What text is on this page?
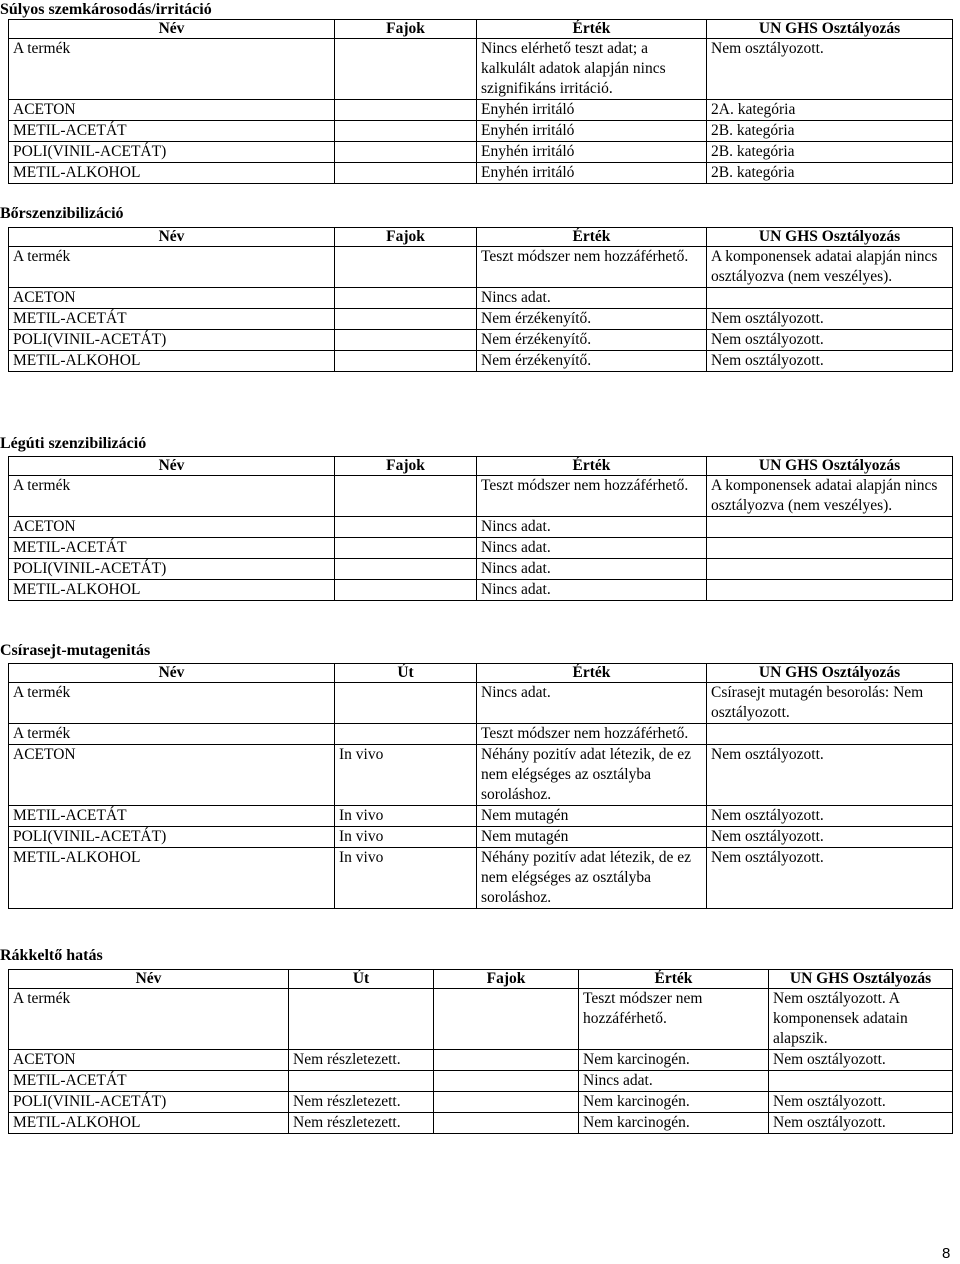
Súlyos szemkárosodás/irritáció
Név	Fajok	Érték	UN GHS Osztályozás
A termék		Nincs elérhető teszt adat; a kalkulált adatok alapján nincs szignifikáns irritáció.	Nem osztályozott.
ACETON		Enyhén irritáló	2A. kategória
METIL-ACETÁT		Enyhén irritáló	2B. kategória
POLI(VINIL-ACETÁT)		Enyhén irritáló	2B. kategória
METIL-ALKOHOL		Enyhén irritáló	2B. kategória
Bőrszenzibilizáció
Név	Fajok	Érték	UN GHS Osztályozás
A termék		Teszt módszer nem hozzáférhető.	A komponensek adatai alapján nincs osztályozva (nem veszélyes).
ACETON		Nincs adat.	
METIL-ACETÁT		Nem érzékenyítő.	Nem osztályozott.
POLI(VINIL-ACETÁT)		Nem érzékenyítő.	Nem osztályozott.
METIL-ALKOHOL		Nem érzékenyítő.	Nem osztályozott.
Légúti szenzibilizáció
Név	Fajok	Érték	UN GHS Osztályozás
A termék		Teszt módszer nem hozzáférhető.	A komponensek adatai alapján nincs osztályozva (nem veszélyes).
ACETON		Nincs adat.	
METIL-ACETÁT		Nincs adat.	
POLI(VINIL-ACETÁT)		Nincs adat.	
METIL-ALKOHOL		Nincs adat.	
Csírasejt-mutagenitás
Név	Út	Érték	UN GHS Osztályozás
A termék		Nincs adat.	Csírasejt mutagén besorolás: Nem osztályozott.
A termék		Teszt módszer nem hozzáférhető.	
ACETON	In vivo	Néhány pozitív adat létezik, de ez nem elégséges az osztályba soroláshoz.	Nem osztályozott.
METIL-ACETÁT	In vivo	Nem mutagén	Nem osztályozott.
POLI(VINIL-ACETÁT)	In vivo	Nem mutagén	Nem osztályozott.
METIL-ALKOHOL	In vivo	Néhány pozitív adat létezik, de ez nem elégséges az osztályba soroláshoz.	Nem osztályozott.
Rákkeltő hatás
Név	Út	Fajok	Érték	UN GHS Osztályozás
A termék			Teszt módszer nem hozzáférhető.	Nem osztályozott. A komponensek adatain alapszik.
ACETON	Nem részletezett.		Nem karcinogén.	Nem osztályozott.
METIL-ACETÁT			Nincs adat.	
POLI(VINIL-ACETÁT)	Nem részletezett.		Nem karcinogén.	Nem osztályozott.
METIL-ALKOHOL	Nem részletezett.		Nem karcinogén.	Nem osztályozott.
8
